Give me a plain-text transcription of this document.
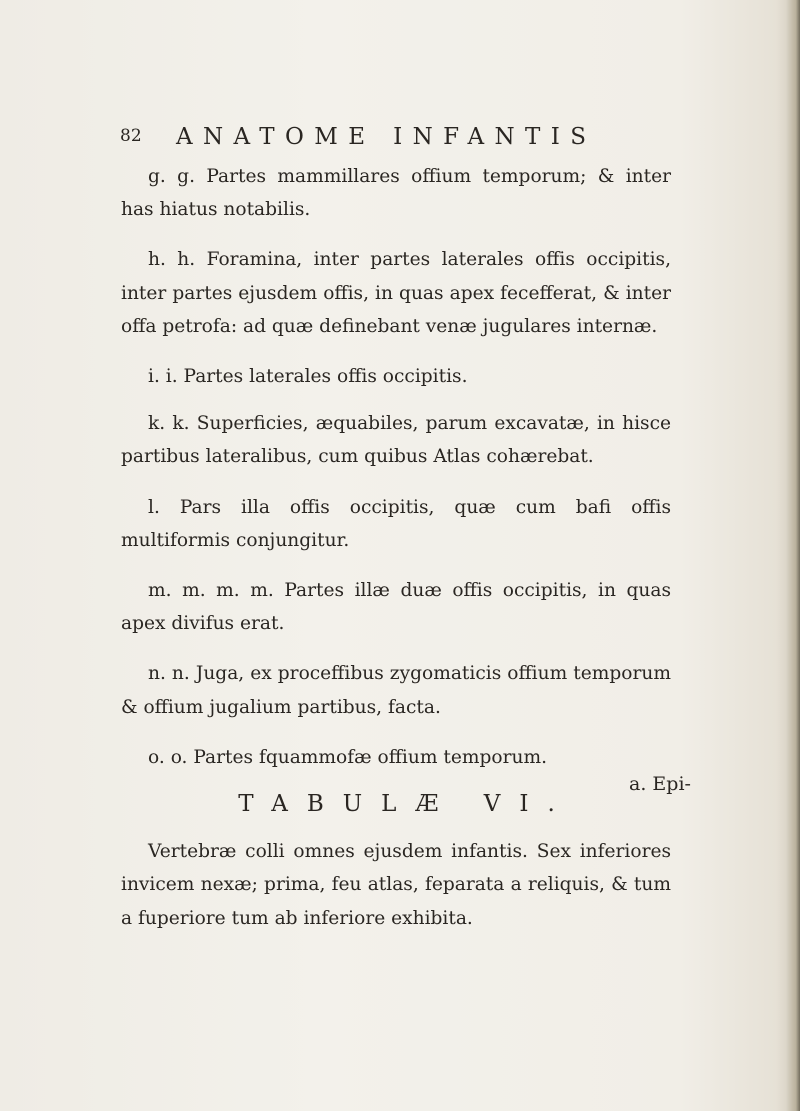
82 ANATOME INFANTIS

g. g. Partes mammillares offium temporum; & inter has hiatus notabilis.

h. h. Foramina, inter partes laterales offis occipitis, inter partes ejusdem offis, in quas apex fecefferat, & inter offa petrofa: ad quæ definebant venæ jugulares internæ.

i. i. Partes laterales offis occipitis.

k. k. Superficies, æquabiles, parum excavatæ, in hisce partibus lateralibus, cum quibus Atlas cohærebat.

l. Pars illa offis occipitis, quæ cum bafi offis multiformis conjungitur.

m. m. m. m. Partes illæ duæ offis occipitis, in quas apex divifus erat.

n. n. Juga, ex proceffibus zygomaticis offium temporum & offium jugalium partibus, facta.

o. o. Partes fquammofæ offium temporum.

TABULÆ VI.

Vertebræ colli omnes ejusdem infantis. Sex inferiores invicem nexæ; prima, feu atlas, feparata a reliquis, & tum a fuperiore tum ab inferiore exhibita.

a. Epi-
